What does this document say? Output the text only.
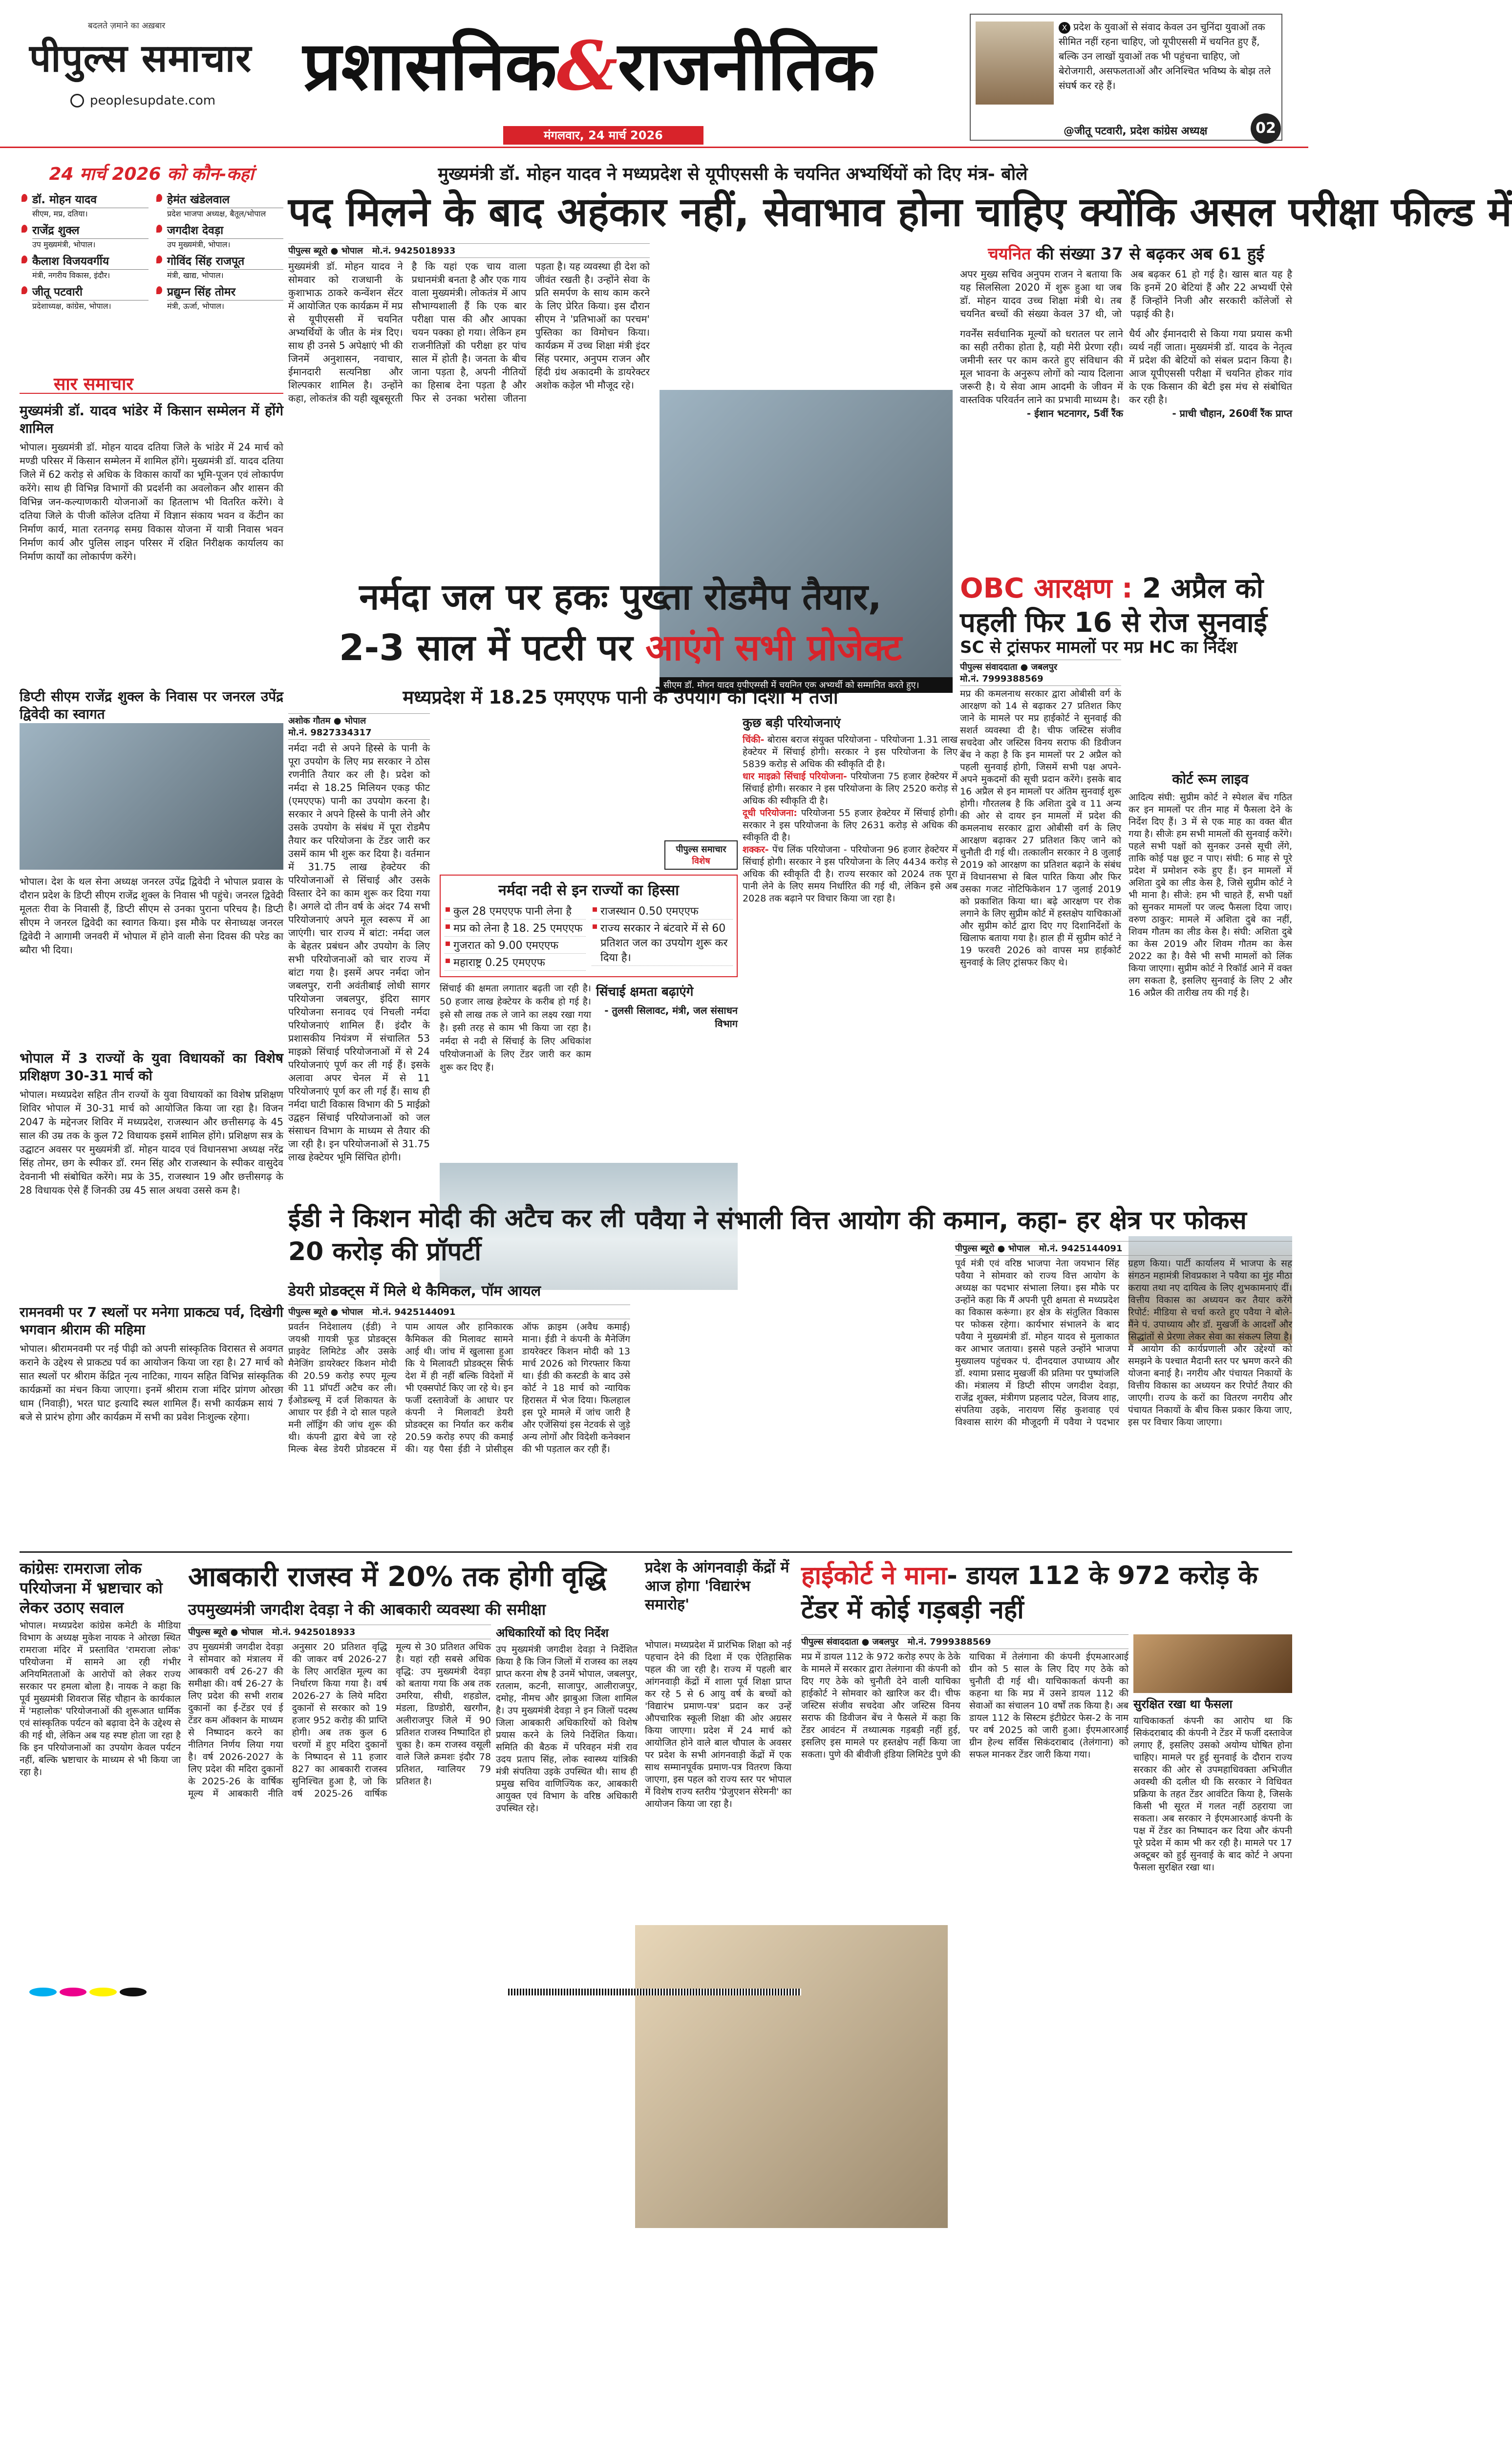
बदलते ज़माने का अख़बार
पीपुल्स समाचार
peoplesupdate.com प्रशासनिक&राजनीतिक	X प्रदेश के युवाओं से संवाद केवल उन चुनिंदा युवाओं तक सीमित नहीं रहना चाहिए, जो यूपीएससी में चयनित हुए हैं, बल्कि उन लाखों युवाओं तक भी पहुंचना चाहिए, जो बेरोजगारी, असफलताओं और अनिश्चित भविष्य के बोझ तले संघर्ष कर रहे हैं।
@जीतू पटवारी, प्रदेश कांग्रेस अध्यक्ष
मंगलवार, 24 मार्च 2026	02
24 मार्च 2026 को कौन-कहां
डॉ. मोहन यादव
सीएम, मप्र, दतिया।
हेमंत खंडेलवाल
प्रदेश भाजपा अध्यक्ष, बैतूल/भोपाल
राजेंद्र शुक्ल
उप मुख्यमंत्री, भोपाल।
जगदीश देवड़ा
उप मुख्यमंत्री, भोपाल।
कैलाश विजयवर्गीय
मंत्री, नगरीय विकास, इंदौर।
गोविंद सिंह राजपूत
मंत्री, खाद्य, भोपाल।
जीतू पटवारी
प्रदेशाध्यक्ष, कांग्रेस, भोपाल।
प्रद्युम्न सिंह तोमर
मंत्री, ऊर्जा, भोपाल।
सार समाचार
मुख्यमंत्री डॉ. यादव भांडेर में किसान सम्मेलन में होंगे शामिल
भोपाल। मुख्यमंत्री डॉ. मोहन यादव दतिया जिले के भांडेर में 24 मार्च को मण्डी परिसर में किसान सम्मेलन में शामिल होंगे। मुख्यमंत्री डॉ. यादव दतिया जिले में 62 करोड़ से अधिक के विकास कार्यों का भूमि-पूजन एवं लोकार्पण करेंगे। साथ ही विभिन्न विभागों की प्रदर्शनी का अवलोकन और शासन की विभिन्न जन-कल्याणकारी योजनाओं का हितलाभ भी वितरित करेंगे। वे दतिया जिले के पीजी कॉलेज दतिया में विज्ञान संकाय भवन व केंटीन का निर्माण कार्य, माता रतनगढ़ समग्र विकास योजना में यात्री निवास भवन निर्माण कार्य और पुलिस लाइन परिसर में रक्षित निरीक्षक कार्यालय का निर्माण कार्यों का लोकार्पण करेंगे।
डिप्टी सीएम राजेंद्र शुक्ल के निवास पर जनरल उपेंद्र द्विवेदी का स्वागत
भोपाल। देश के थल सेना अध्यक्ष जनरल उपेंद्र द्विवेदी ने भोपाल प्रवास के दौरान प्रदेश के डिप्टी सीएम राजेंद्र शुक्ल के निवास भी पहुंचे। जनरल द्विवेदी मूलतः रीवा के निवासी हैं, डिप्टी सीएम से उनका पुराना परिचय है। डिप्टी सीएम ने जनरल द्विवेदी का स्वागत किया। इस मौके पर सेनाध्यक्ष जनरल द्विवेदी ने आगामी जनवरी में भोपाल में होने वाली सेना दिवस की परेड का ब्यौरा भी दिया।
भोपाल में 3 राज्यों के युवा विधायकों का विशेष प्रशिक्षण 30-31 मार्च को
भोपाल। मध्यप्रदेश सहित तीन राज्यों के युवा विधायकों का विशेष प्रशिक्षण शिविर भोपाल में 30-31 मार्च को आयोजित किया जा रहा है। विजन 2047 के मद्देनजर शिविर में मध्यप्रदेश, राजस्थान और छत्तीसगढ़ के 45 साल की उम्र तक के कुल 72 विधायक इसमें शामिल होंगे। प्रशिक्षण सत्र के उद्घाटन अवसर पर मुख्यमंत्री डॉ. मोहन यादव एवं विधानसभा अध्यक्ष नरेंद्र सिंह तोमर, छग के स्पीकर डॉ. रमन सिंह और राजस्थान के स्पीकर वासुदेव देवनानी भी संबोधित करेंगे। मप्र के 35, राजस्थान 19 और छत्तीसगढ़ के 28 विधायक ऐसे हैं जिनकी उम्र 45 साल अथवा उससे कम है।
रामनवमी पर 7 स्थलों पर मनेगा प्राकट्य पर्व, दिखेगी भगवान श्रीराम की महिमा
भोपाल। श्रीरामनवमी पर नई पीढ़ी को अपनी सांस्कृतिक विरासत से अवगत कराने के उद्देश्य से प्राकट्य पर्व का आयोजन किया जा रहा है। 27 मार्च को सात स्थलों पर श्रीराम केंद्रित नृत्य नाटिका, गायन सहित विभिन्न सांस्कृतिक कार्यक्रमों का मंचन किया जाएगा। इनमें श्रीराम राजा मंदिर प्रांगण ओरछा धाम (निवाड़ी), भरत घाट इत्यादि स्थल शामिल हैं। सभी कार्यक्रम सायं 7 बजे से प्रारंभ होगा और कार्यक्रम में सभी का प्रवेश निःशुल्क रहेगा।
मुख्यमंत्री डॉ. मोहन यादव ने मध्यप्रदेश से यूपीएससी के चयनित अभ्यर्थियों को दिए मंत्र- बोले
पद मिलने के बाद अहंकार नहीं, सेवाभाव होना चाहिए क्योंकि असल परीक्षा फील्ड में
पीपुल्स ब्यूरो ● भोपाल मो.नं. 9425018933
मुख्यमंत्री डॉ. मोहन यादव ने सोमवार को राजधानी के कुशाभाऊ ठाकरे कन्वेंशन सेंटर में आयोजित एक कार्यक्रम में मप्र से यूपीएससी में चयनित अभ्यर्थियों के जीत के मंत्र दिए। साथ ही उनसे 5 अपेक्षाएं भी की जिनमें अनुशासन, नवाचार, ईमानदारी सत्यनिष्ठा और शिल्पकार शामिल है। उन्होंने कहा, लोकतंत्र की यही खूबसूरती है कि यहां एक चाय वाला प्रधानमंत्री बनता है और एक गाय वाला मुख्यमंत्री। लोकतंत्र में आप सौभाग्यशाली हैं कि एक बार परीक्षा पास की और आपका चयन पक्का हो गया। लेकिन हम राजनीतिज्ञों की परीक्षा हर पांच साल में होती है। जनता के बीच जाना पड़ता है, अपनी नीतियों का हिसाब देना पड़ता है और फिर से उनका भरोसा जीतना पड़ता है। यह व्यवस्था ही देश को जीवंत रखती है। उन्होंने सेवा के प्रति समर्पण के साथ काम करने के लिए प्रेरित किया। इस दौरान सीएम ने 'प्रतिभाओं का परचम' पुस्तिका का विमोचन किया। कार्यक्रम में उच्च शिक्षा मंत्री इंदर सिंह परमार, अनुपम राजन और हिंदी ग्रंथ अकादमी के डायरेक्टर अशोक कड़ेल भी मौजूद रहे।
सीएम डॉ. मोहन यादव यूपीएससी में चयनित एक अभ्यर्थी को सम्मानित करते हुए।
चयनित की संख्या 37 से बढ़कर अब 61 हुई
अपर मुख्य सचिव अनुपम राजन ने बताया कि यह सिलसिला 2020 में शुरू हुआ था जब डॉ. मोहन यादव उच्च शिक्षा मंत्री थे। तब चयनित बच्चों की संख्या केवल 37 थी, जो अब बढ़कर 61 हो गई है। खास बात यह है कि इनमें 20 बेटियां हैं और 22 अभ्यर्थी ऐसे हैं जिन्होंने निजी और सरकारी कॉलेजों से पढ़ाई की है।
गवर्नेंस सर्वधानिक मूल्यों को धरातल पर लाने का सही तरीका होता है, यही मेरी प्रेरणा रही। जमीनी स्तर पर काम करते हुए संविधान की मूल भावना के अनुरूप लोगों को न्याय दिलाना जरूरी है। ये सेवा आम आदमी के जीवन में वास्तविक परिवर्तन लाने का प्रभावी माध्यम है।
- ईशान भटनागर, 5वीं रैंक
धैर्य और ईमानदारी से किया गया प्रयास कभी व्यर्थ नहीं जाता। मुख्यमंत्री डॉ. यादव के नेतृत्व में प्रदेश की बेटियों को संबल प्रदान किया है। आज यूपीएससी परीक्षा में चयनित होकर गांव के एक किसान की बेटी इस मंच से संबोधित कर रही है।
- प्राची चौहान, 260वीं रैंक प्राप्त
नर्मदा जल पर हकः पुख्ता रोडमैप तैयार,
2-3 साल में पटरी पर आएंगे सभी प्रोजेक्ट
मध्यप्रदेश में 18.25 एमएएफ पानी के उपयोग की दिशा में तेजी
अशोक गौतम ● भोपाल
मो.नं. 9827334317
नर्मदा नदी से अपने हिस्से के पानी के पूरा उपयोग के लिए मप्र सरकार ने ठोस रणनीति तैयार कर ली है। प्रदेश को नर्मदा से 18.25 मिलियन एकड़ फीट (एमएएफ) पानी का उपयोग करना है। सरकार ने अपने हिस्से के पानी लेने और उसके उपयोग के संबंध में पूरा रोडमैप तैयार कर परियोजना के टेंडर जारी कर उसमें काम भी शुरू कर दिया है। वर्तमान में 31.75 लाख हेक्टेयर की परियोजनाओं से सिंचाई और उसके विस्तार देने का काम शुरू कर दिया गया है। अगले दो तीन वर्ष के अंदर 74 सभी परियोजनाएं अपने मूल स्वरूप में आ जाएंगी। चार राज्य में बांटा: नर्मदा जल के बेहतर प्रबंधन और उपयोग के लिए सभी परियोजनाओं को चार राज्य में बांटा गया है। इसमें अपर नर्मदा जोन जबलपुर, रानी अवंतीबाई लोधी सागर परियोजना जबलपुर, इंदिरा सागर परियोजना सनावद एवं निचली नर्मदा परियोजनाएं शामिल हैं। इंदौर के प्रशासकीय नियंत्रण में संचालित 53 माइक्रो सिंचाई परियोजनाओं में से 24 परियोजनाएं पूर्ण कर ली गई हैं। इसके अलावा अपर चेनल में से 11 परियोजनाएं पूर्ण कर ली गई हैं। साथ ही नर्मदा घाटी विकास विभाग की 5 माईक्रो उद्वहन सिंचाई परियोजनाओं को जल संसाधन विभाग के माध्यम से तैयार की जा रही है। इन परियोजनाओं से 31.75 लाख हेक्टेयर भूमि सिंचित होगी।
पीपुल्स समाचार
विशेष
नर्मदा नदी से इन राज्यों का हिस्सा
कुल 28 एमएएफ पानी लेना है
मप्र को लेना है 18. 25 एमएएफ
गुजरात को 9.00 एमएएफ
महाराष्ट्र 0.25 एमएएफ
राजस्थान 0.50 एमएएफ
राज्य सरकार ने बंटवारे में से 60 प्रतिशत जल का उपयोग शुरू कर दिया है।
कुछ बड़ी परियोजनाएं
चिंकी- बोरास बराज संयुक्त परियोजना - परियोजना 1.31 लाख हेक्टेयर में सिंचाई होगी। सरकार ने इस परियोजना के लिए 5839 करोड़ से अधिक की स्वीकृति दी है।
धार माइक्रो सिंचाई परियोजना- परियोजना 75 हजार हेक्टेयर में सिंचाई होगी। सरकार ने इस परियोजना के लिए 2520 करोड़ से अधिक की स्वीकृति दी है।
दूधी परियोजना: परियोजना 55 हजार हेक्टेयर में सिंचाई होगी। सरकार ने इस परियोजना के लिए 2631 करोड़ से अधिक की स्वीकृति दी है।
शक्कर- पेंच लिंक परियोजना - परियोजना 96 हजार हेक्टेयर में सिंचाई होगी। सरकार ने इस परियोजना के लिए 4434 करोड़ से अधिक की स्वीकृति दी है। राज्य सरकार को 2024 तक पूरा पानी लेने के लिए समय निर्धारित की गई थी, लेकिन इसे अब 2028 तक बढ़ाने पर विचार किया जा रहा है।
सिंचाई की क्षमता लगातार बढ़ती जा रही है। 50 हजार लाख हेक्टेयर के करीब हो गई है। इसे सौ लाख तक ले जाने का लक्ष्य रखा गया है। इसी तरह से काम भी किया जा रहा है। नर्मदा से नदी से सिंचाई के लिए अधिकांश परियोजनाओं के लिए टेंडर जारी कर काम शुरू कर दिए हैं।
सिंचाई क्षमता बढ़ाएंगे
- तुलसी सिलावट, मंत्री, जल संसाधन विभाग
OBC आरक्षण : 2 अप्रैल को पहली फिर 16 से रोज सुनवाई
SC से ट्रांसफर मामलों पर मप्र HC का निर्देश
पीपुल्स संवाददाता ● जबलपुर
मो.नं. 7999388569
मप्र की कमलनाथ सरकार द्वारा ओबीसी वर्ग के आरक्षण को 14 से बढ़ाकर 27 प्रतिशत किए जाने के मामले पर मप्र हाईकोर्ट ने सुनवाई की सशर्त व्यवस्था दी है। चीफ जस्टिस संजीव सचदेवा और जस्टिस विनय सराफ की डिवीजन बेंच ने कहा है कि इन मामलों पर 2 अप्रैल को पहली सुनवाई होगी, जिसमें सभी पक्ष अपने-अपने मुकदमों की सूची प्रदान करेंगे। इसके बाद 16 अप्रैल से इन मामलों पर अंतिम सुनवाई शुरू होगी। गौरतलब है कि अशिता दुबे व 11 अन्य की ओर से दायर इन मामलों में प्रदेश की कमलनाथ सरकार द्वारा ओबीसी वर्ग के लिए आरक्षण बढ़ाकर 27 प्रतिशत किए जाने को चुनौती दी गई थी। तत्कालीन सरकार ने 8 जुलाई 2019 को आरक्षण का प्रतिशत बढ़ाने के संबंध में विधानसभा से बिल पारित किया और फिर उसका गजट नोटिफिकेशन 17 जुलाई 2019 को प्रकाशित किया था। बढ़े आरक्षण पर रोक लगाने के लिए सुप्रीम कोर्ट में हस्तक्षेप याचिकाओं और सुप्रीम कोर्ट द्वारा दिए गए दिशानिर्देशों के खिलाफ बताया गया है। हाल ही में सुप्रीम कोर्ट ने 19 फरवरी 2026 को वापस मप्र हाईकोर्ट सुनवाई के लिए ट्रांसफर किए थे।
कोर्ट रूम लाइव
आदित्य संघी: सुप्रीम कोर्ट ने स्पेशल बेंच गठित कर इन मामलों पर तीन माह में फैसला देने के निर्देश दिए हैं। 3 में से एक माह का वक्त बीत गया है। सीजेः हम सभी मामलों की सुनवाई करेंगे। पहले सभी पक्षों को सुनकर उनसे सूची लेंगे, ताकि कोई पक्ष छूट न पाए। संघी: 6 माह से पूरे प्रदेश में प्रमोशन रुके हुए हैं। इन मामलों में अशिता दुबे का लीड केस है, जिसे सुप्रीम कोर्ट ने भी माना है। सीजे: हम भी चाहते हैं, सभी पक्षों को सुनकर मामलों पर जल्द फैसला दिया जाए। वरुण ठाकुर: मामले में अशिता दुबे का नहीं, शिवम गौतम का लीड केस है। संघी: अशिता दुबे का केस 2019 और शिवम गौतम का केस 2022 का है। वैसे भी सभी मामलों को लिंक किया जाएगा। सुप्रीम कोर्ट ने रिकॉर्ड आने में वक्त लग सकता है, इसलिए सुनवाई के लिए 2 और 16 अप्रैल की तारीख तय की गई है।
ईडी ने किशन मोदी की अटैच कर ली 20 करोड़ की प्रॉपर्टी
डेयरी प्रोडक्ट्स में मिले थे कैमिकल, पॉम आयल
पीपुल्स ब्यूरो ● भोपाल मो.नं. 9425144091
प्रवर्तन निदेशालय (ईडी) ने जयश्री गायत्री फूड प्रोडक्ट्स प्राइवेट लिमिटेड और उसके मैनेजिंग डायरेक्टर किशन मोदी की 20.59 करोड़ रुपए मूल्य की 11 प्रॉपर्टी अटैच कर ली। ईओडब्ल्यू में दर्ज शिकायत के आधार पर ईडी ने दो साल पहले मनी लॉड्रिंग की जांच शुरू की थी। कंपनी द्वारा बेचे जा रहे मिल्क बेस्ड डेयरी प्रोडक्टस में पाम आयल और हानिकारक कैमिकल की मिलावट सामने आई थी। जांच में खुलासा हुआ कि ये मिलावटी प्रोडक्ट्स सिर्फ देश में ही नहीं बल्कि विदेशों में भी एक्सपोर्ट किए जा रहे थे। इन फर्जी दस्तावेजों के आधार पर कंपनी ने मिलावटी डेयरी प्रोडक्ट्स का निर्यात कर करीब 20.59 करोड़ रुपए की कमाई की। यह पैसा ईडी ने प्रोसीड्स ऑफ क्राइम (अवैध कमाई) माना। ईडी ने कंपनी के मैनेजिंग डायरेक्टर किशन मोदी को 13 मार्च 2026 को गिरफ्तार किया था। ईडी की कस्टडी के बाद उसे कोर्ट ने 18 मार्च को न्यायिक हिरासत में भेज दिया। फिलहाल इस पूरे मामले में जांच जारी है और एजेंसियां इस नेटवर्क से जुड़े अन्य लोगों और विदेशी कनेक्शन की भी पड़ताल कर रही हैं।
पवैया ने संभाली वित्त आयोग की कमान, कहा- हर क्षेत्र पर फोकस
पीपुल्स ब्यूरो ● भोपाल मो.नं. 9425144091
पूर्व मंत्री एवं वरिष्ठ भाजपा नेता जयभान सिंह पवैया ने सोमवार को राज्य वित्त आयोग के अध्यक्ष का पदभार संभाला लिया। इस मौके पर उन्होंने कहा कि मैं अपनी पूरी क्षमता से मध्यप्रदेश का विकास करूंगा। हर क्षेत्र के संतुलित विकास पर फोकस रहेगा। कार्यभार संभालने के बाद पवैया ने मुख्यमंत्री डॉ. मोहन यादव से मुलाकात कर आभार जताया। इससे पहले उन्होंने भाजपा मुख्यालय पहुंचकर पं. दीनदयाल उपाध्याय और डॉ. श्यामा प्रसाद मुखर्जी की प्रतिमा पर पुष्पांजलि की। मंत्रालय में डिप्टी सीएम जगदीश देवड़ा, राजेंद्र शुक्ल, मंत्रीगण प्रहलाद पटेल, विजय शाह, संपतिया उइके, नारायण सिंह कुशवाह एवं विश्वास सारंग की मौजूदगी में पवैया ने पदभार ग्रहण किया। पार्टी कार्यालय में भाजपा के सह संगठन महामंत्री शिवप्रकाश ने पवैया का मुंह मीठा कराया तथा नए दायित्व के लिए शुभकामनाएं दीं। वित्तीय विकास का अध्ययन कर तैयार करेंगे रिपोर्ट: मीडिया से चर्चा करते हुए पवैया ने बोले- मैंने पं. उपाध्याय और डॉ. मुखर्जी के आदर्शों और सिद्धांतों से प्रेरणा लेकर सेवा का संकल्प लिया है। मैं आयोग की कार्यप्रणाली और उद्देश्यों को समझने के पश्चात मैदानी स्तर पर भ्रमण करने की योजना बनाई है। नगरीय और पंचायत निकायों के वित्तीय विकास का अध्ययन कर रिपोर्ट तैयार की जाएगी। राज्य के करों का वितरण नगरीय और पंचायत निकायों के बीच किस प्रकार किया जाए, इस पर विचार किया जाएगा।
कांग्रेसः रामराजा लोक परियोजना में भ्रष्टाचार को लेकर उठाए सवाल
भोपाल। मध्यप्रदेश कांग्रेस कमेटी के मीडिया विभाग के अध्यक्ष मुकेश नायक ने ओरछा स्थित रामराजा मंदिर में प्रस्तावित 'रामराजा लोक' परियोजना में सामने आ रही गंभीर अनियमितताओं के आरोपों को लेकर राज्य सरकार पर हमला बोला है। नायक ने कहा कि पूर्व मुख्यमंत्री शिवराज सिंह चौहान के कार्यकाल में 'महालोक' परियोजनाओं की शुरूआत धार्मिक एवं सांस्कृतिक पर्यटन को बढ़ावा देने के उद्देश्य से की गई थी, लेकिन अब यह स्पष्ट होता जा रहा है कि इन परियोजनाओं का उपयोग केवल पर्यटन नहीं, बल्कि भ्रष्टाचार के माध्यम से भी किया जा रहा है।
आबकारी राजस्व में 20% तक होगी वृद्धि
उपमुख्यमंत्री जगदीश देवड़ा ने की आबकारी व्यवस्था की समीक्षा
पीपुल्स ब्यूरो ● भोपाल मो.नं. 9425018933
उप मुख्यमंत्री जगदीश देवड़ा ने सोमवार को मंत्रालय में आबकारी वर्ष 26-27 की समीक्षा की। वर्ष 26-27 के लिए प्रदेश की सभी शराब दुकानों का ई-टेंडर एवं ई टेंडर कम ऑक्शन के माध्यम से निष्पादन करने का नीतिगत निर्णय लिया गया है। वर्ष 2026-2027 के लिए प्रदेश की मदिरा दुकानों के 2025-26 के वार्षिक मूल्य में आबकारी नीति अनुसार 20 प्रतिशत वृद्धि की जाकर वर्ष 2026-27 के लिए आरक्षित मूल्य का निर्धारण किया गया है। वर्ष 2026-27 के लिये मदिरा दुकानों से सरकार को 19 हजार 952 करोड़ की प्राप्ति होगी। अब तक कुल 6 चरणों में हुए मदिरा दुकानों के निष्पादन से 11 हजार 827 का आबकारी राजस्व सुनिश्चित हुआ है, जो कि वर्ष 2025-26 वार्षिक मूल्य से 30 प्रतिशत अधिक है। यहां रही सबसे अधिक वृद्धि: उप मुख्यमंत्री देवड़ा को बताया गया कि अब तक उमरिया, सीधी, शहडोल, मंडला, डिण्डोरी, खरगौन, अलीराजपुर जिले में 90 प्रतिशत राजस्व निष्पादित हो चुका है। कम राजस्व वसूली वाले जिले क्रमशः इंदौर 78 प्रतिशत, ग्वालियर 79 प्रतिशत है।
अधिकारियों को दिए निर्देश
उप मुख्यमंत्री जगदीश देवड़ा ने निर्देशित किया है कि जिन जिलों में राजस्व का लक्ष्य प्राप्त करना शेष है उनमें भोपाल, जबलपुर, रतलाम, कटनी, साजापुर, आलीराजपुर, दमोह, नीमच और झाबुआ जिला शामिल है। उप मुख्यमंत्री देवड़ा ने इन जिलों पदस्थ जिला आबकारी अधिकारियों को विशेष प्रयास करने के लिये निर्देशित किया। समिति की बैठक में परिवहन मंत्री राव उदय प्रताप सिंह, लोक स्वास्थ्य यांत्रिकी मंत्री संपतिया उइके उपस्थित थी। साथ ही प्रमुख सचिव वाणिज्यिक कर, आबकारी आयुक्त एवं विभाग के वरिष्ठ अधिकारी उपस्थित रहे।
प्रदेश के आंगनवाड़ी केंद्रों में आज होगा 'विद्यारंभ समारोह'
भोपाल। मध्यप्रदेश में प्रारंभिक शिक्षा को नई पहचान देने की दिशा में एक ऐतिहासिक पहल की जा रही है। राज्य में पहली बार आंगनवाड़ी केंद्रों में शाला पूर्व शिक्षा प्राप्त कर रहे 5 से 6 आयु वर्ष के बच्चों को 'विद्यारंभ प्रमाण-पत्र' प्रदान कर उन्हें औपचारिक स्कूली शिक्षा की ओर अग्रसर किया जाएगा। प्रदेश में 24 मार्च को आयोजित होने वाले बाल चौपाल के अवसर पर प्रदेश के सभी आंगनवाड़ी केंद्रों में एक साथ सम्मानपूर्वक प्रमाण-पत्र वितरण किया जाएगा, इस पहल को राज्य स्तर पर भोपाल में विशेष राज्य स्तरीय 'प्रेजुएशन सेरेमनी' का आयोजन किया जा रहा है।
हाईकोर्ट ने माना- डायल 112 के 972 करोड़ के टेंडर में कोई गड़बड़ी नहीं
पीपुल्स संवाददाता ● जबलपुर मो.नं. 7999388569
मप्र में डायल 112 के 972 करोड़ रुपए के ठेके के मामले में सरकार द्वारा तेलंगाना की कंपनी को दिए गए ठेके को चुनौती देने वाली याचिका हाईकोर्ट ने सोमवार को खारिज कर दी। चीफ जस्टिस संजीव सचदेवा और जस्टिस विनय सराफ की डिवीजन बेंच ने फैसले में कहा कि टेंडर आवंटन में तथ्यात्मक गड़बड़ी नहीं हुई, इसलिए इस मामले पर हस्तक्षेप नहीं किया जा सकता। पुणे की बीवीजी इंडिया लिमिटेड पुणे की याचिका में तेलंगाना की कंपनी ईएमआरआई ग्रीन को 5 साल के लिए दिए गए ठेके को चुनौती दी गई थी। याचिकाकर्ता कंपनी का कहना था कि मप्र में उसने डायल 112 की सेवाओं का संचालन 10 वर्षों तक किया है। अब डायल 112 के सिस्टम इंटीग्रेटर फेस-2 के नाम पर वर्ष 2025 को जारी हुआ। ईएमआरआई ग्रीन हेल्थ सर्विस सिकंदराबाद (तेलंगाना) को सफल मानकर टेंडर जारी किया गया।
सुरक्षित रखा था फैसला
याचिकाकर्ता कंपनी का आरोप था कि सिकंदराबाद की कंपनी ने टेंडर में फर्जी दस्तावेज लगाए हैं, इसलिए उसको अयोग्य घोषित होना चाहिए। मामले पर हुई सुनवाई के दौरान राज्य सरकार की ओर से उपमहाधिवक्ता अभिजीत अवस्थी की दलील थी कि सरकार ने विधिवत प्रक्रिया के तहत टेंडर आवंटित किया है, जिसके किसी भी सूरत में गलत नहीं ठहराया जा सकता। अब सरकार ने ईएमआरआई कंपनी के पक्ष में टेंडर का निष्पादन कर दिया और कंपनी पूरे प्रदेश में काम भी कर रही है। मामले पर 17 अक्टूबर को हुई सुनवाई के बाद कोर्ट ने अपना फैसला सुरक्षित रखा था।
